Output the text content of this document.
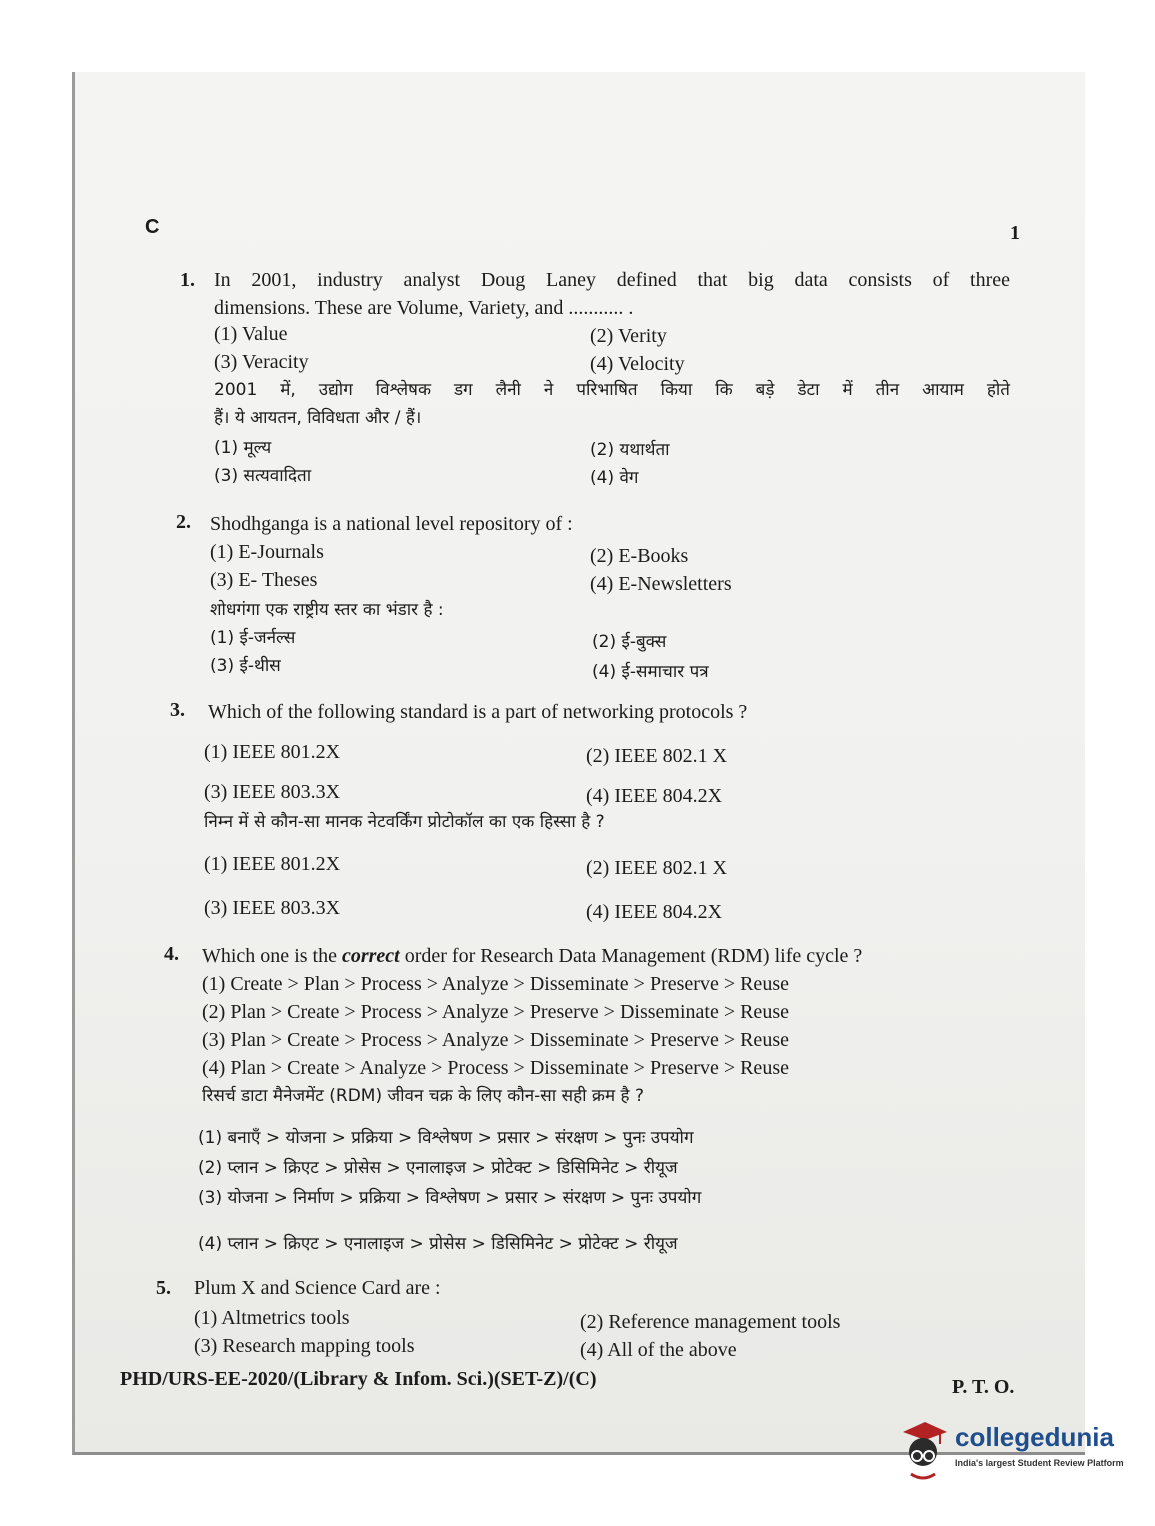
C	1
1. In 2001, industry analyst Doug Laney defined that big data consists of three
dimensions. These are Volume, Variety, and ........... .
(1) Value	(2) Verity
(3) Veracity	(4) Velocity
2001 में, उद्योग विश्लेषक डग लैनी ने परिभाषित किया कि बड़े डेटा में तीन आयाम होते
हैं। ये आयतन, विविधता और / हैं।
(1) मूल्य	(2) यथार्थता
(3) सत्यवादिता	(4) वेग
2. Shodhganga is a national level repository of :
(1) E-Journals	(2) E-Books
(3) E- Theses	(4) E-Newsletters
शोधगंगा एक राष्ट्रीय स्तर का भंडार है :
(1) ई-जर्नल्स	(2) ई-बुक्स
(3) ई-थीस	(4) ई-समाचार पत्र
3. Which of the following standard is a part of networking protocols ?
(1) IEEE 801.2X	(2) IEEE 802.1 X
(3) IEEE 803.3X	(4) IEEE 804.2X
निम्न में से कौन-सा मानक नेटवर्किंग प्रोटोकॉल का एक हिस्सा है ?
(1) IEEE 801.2X	(2) IEEE 802.1 X
(3) IEEE 803.3X	(4) IEEE 804.2X
4. Which one is the correct order for Research Data Management (RDM) life cycle ?
(1) Create > Plan > Process > Analyze > Disseminate > Preserve > Reuse
(2) Plan > Create > Process > Analyze > Preserve > Disseminate > Reuse
(3) Plan > Create > Process > Analyze > Disseminate > Preserve > Reuse
(4) Plan > Create > Analyze > Process > Disseminate > Preserve > Reuse
रिसर्च डाटा मैनेजमेंट (RDM) जीवन चक्र के लिए कौन-सा सही क्रम है ?
(1) बनाएँ > योजना > प्रक्रिया > विश्लेषण > प्रसार > संरक्षण > पुनः उपयोग
(2) प्लान > क्रिएट > प्रोसेस > एनालाइज > प्रोटेक्ट > डिसिमिनेट > रीयूज
(3) योजना > निर्माण > प्रक्रिया > विश्लेषण > प्रसार > संरक्षण > पुनः उपयोग
(4) प्लान > क्रिएट > एनालाइज > प्रोसेस > डिसिमिनेट > प्रोटेक्ट > रीयूज
5. Plum X and Science Card are :
(1) Altmetrics tools	(2) Reference management tools
(3) Research mapping tools	(4) All of the above
PHD/URS-EE-2020/(Library & Infom. Sci.)(SET-Z)/(C)	P. T. O.
collegedunia
India's largest Student Review Platform
